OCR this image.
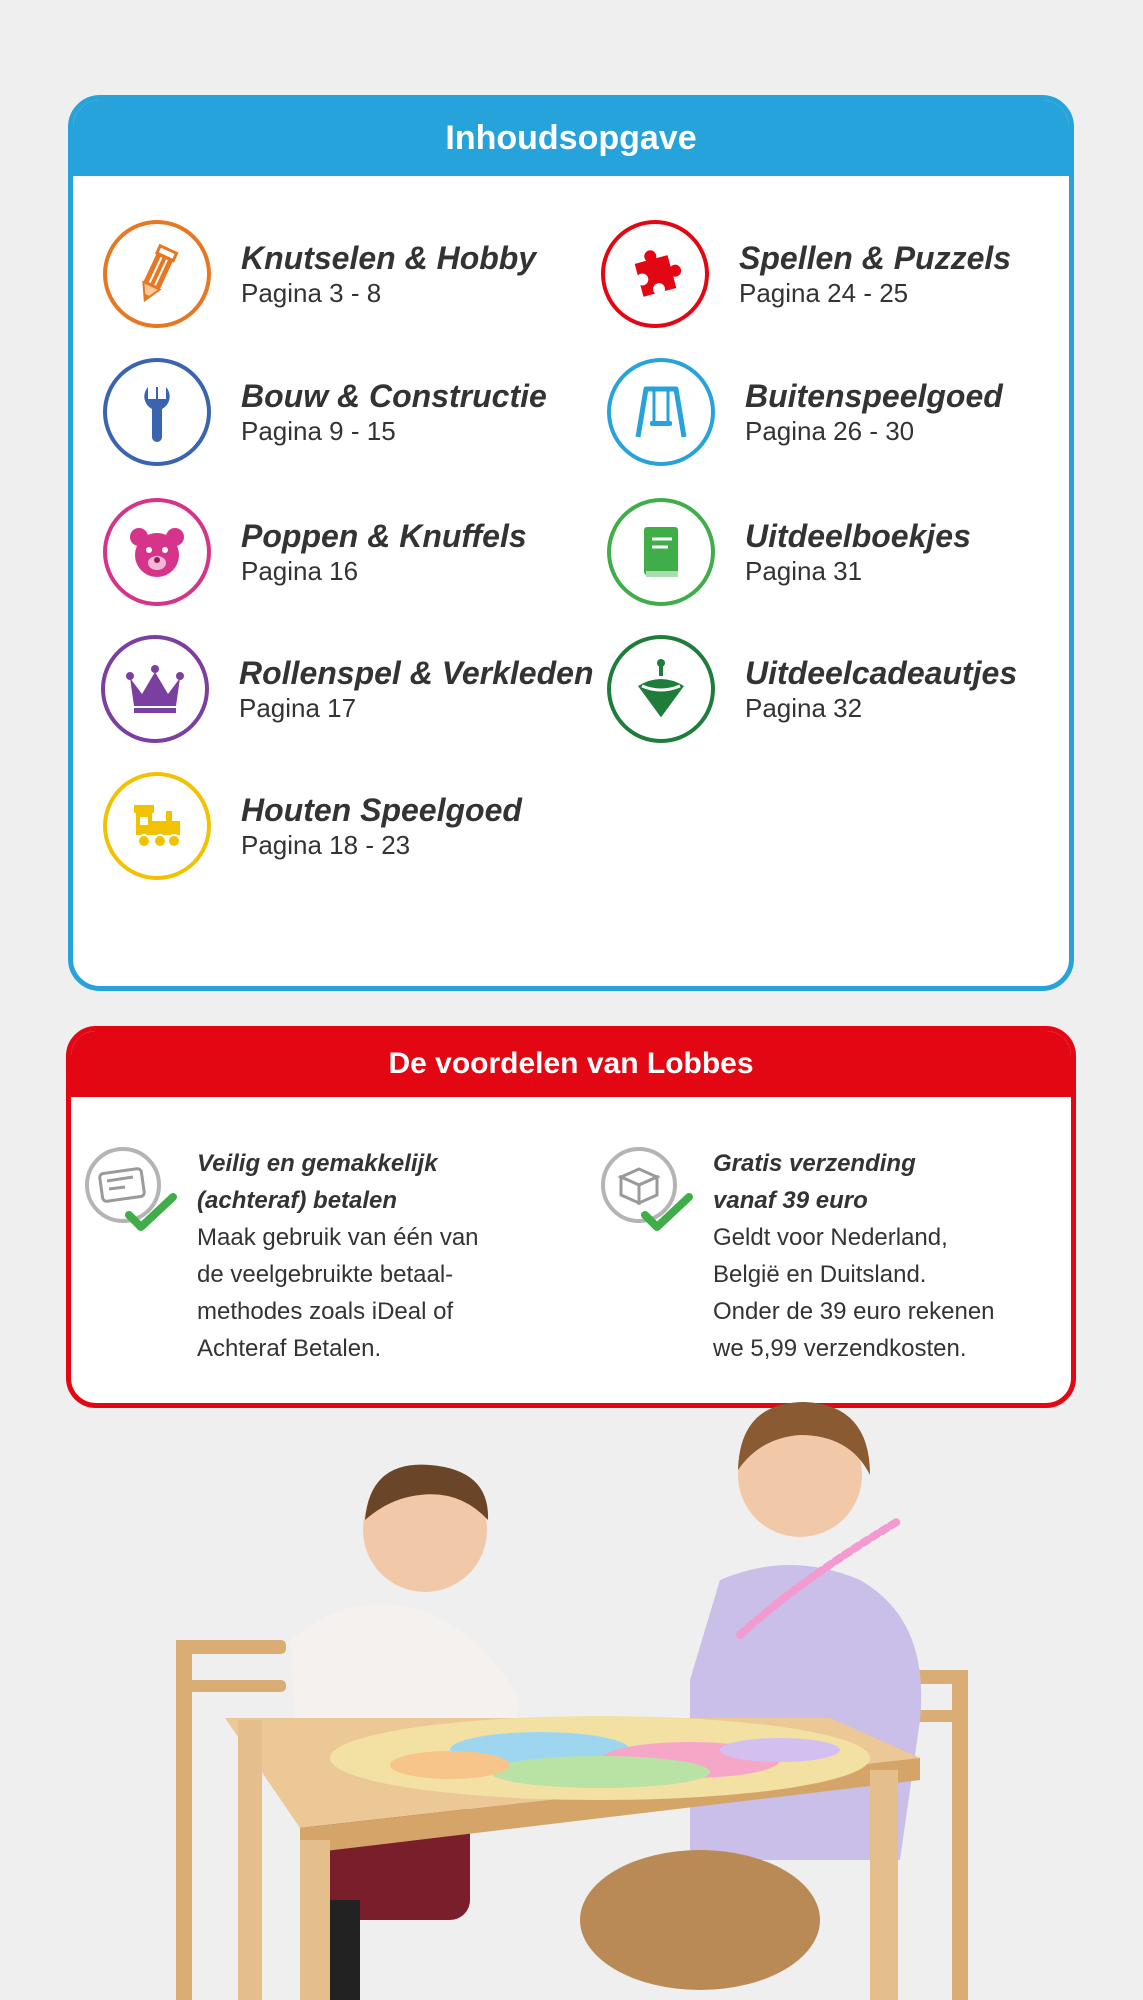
Inhoudsopgave
Knutselen & Hobby
Pagina 3 - 8
Spellen & Puzzels
Pagina 24 - 25
Bouw & Constructie
Pagina 9 - 15
Buitenspeelgoed
Pagina 26 - 30
Poppen & Knuffels
Pagina 16
Uitdeelboekjes
Pagina 31
Rollenspel & Verkleden
Pagina 17
Uitdeelcadeautjes
Pagina 32
Houten Speelgoed
Pagina 18 - 23
De voordelen van Lobbes
Veilig en gemakkelijk
(achteraf) betalen
Maak gebruik van één van
de veelgebruikte betaal-
methodes zoals iDeal of
Achteraf Betalen.
Gratis verzending
vanaf 39 euro
Geldt voor Nederland,
België en Duitsland.
Onder de 39 euro rekenen
we 5,99 verzendkosten.
